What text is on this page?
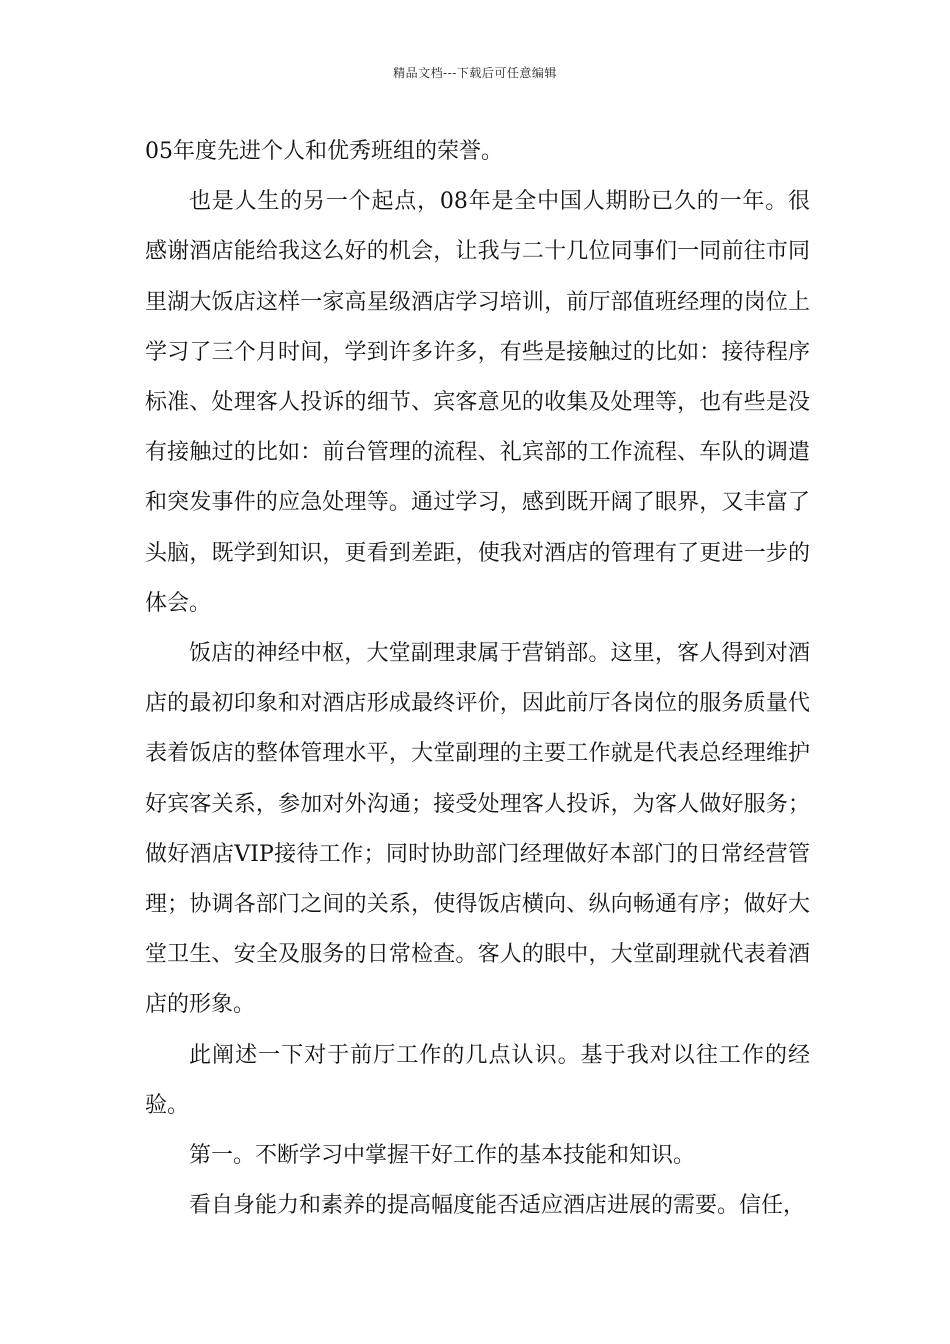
精品文档---下载后可任意编辑

05年度先进个人和优秀班组的荣誉。

也是人生的另一个起点，08年是全中国人期盼已久的一年。很感谢酒店能给我这么好的机会，让我与二十几位同事们一同前往市同里湖大饭店这样一家高星级酒店学习培训，前厅部值班经理的岗位上学习了三个月时间，学到许多许多，有些是接触过的比如：接待程序标准、处理客人投诉的细节、宾客意见的收集及处理等，也有些是没有接触过的比如：前台管理的流程、礼宾部的工作流程、车队的调遣和突发事件的应急处理等。通过学习，感到既开阔了眼界，又丰富了头脑，既学到知识，更看到差距，使我对酒店的管理有了更进一步的体会。

饭店的神经中枢，大堂副理隶属于营销部。这里，客人得到对酒店的最初印象和对酒店形成最终评价，因此前厅各岗位的服务质量代表着饭店的整体管理水平，大堂副理的主要工作就是代表总经理维护好宾客关系，参加对外沟通；接受处理客人投诉，为客人做好服务；做好酒店VIP接待工作；同时协助部门经理做好本部门的日常经营管理；协调各部门之间的关系，使得饭店横向、纵向畅通有序；做好大堂卫生、安全及服务的日常检查。客人的眼中，大堂副理就代表着酒店的形象。

此阐述一下对于前厅工作的几点认识。基于我对以往工作的经验。

第一。不断学习中掌握干好工作的基本技能和知识。

看自身能力和素养的提高幅度能否适应酒店进展的需要。信任，
